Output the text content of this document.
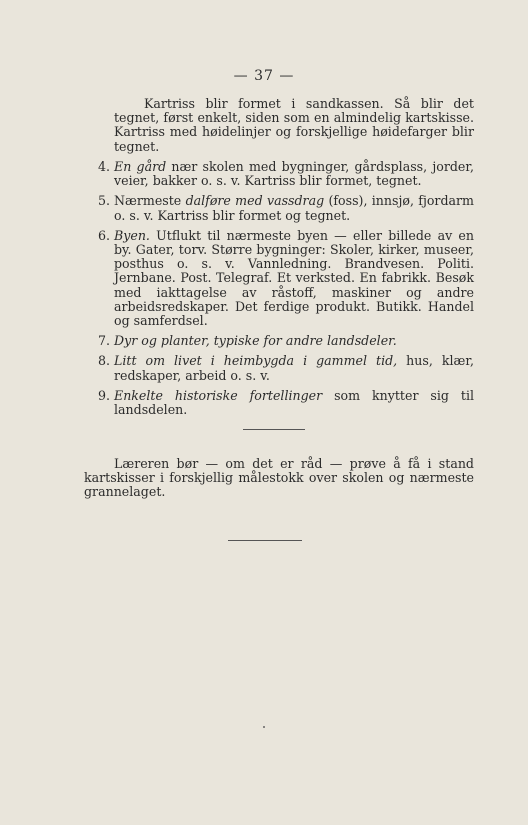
— 37 —
Kartriss blir formet i sandkassen. Så blir det tegnet, først enkelt, siden som en almindelig kartskisse. Kartriss med høidelinjer og forskjellige høidefarger blir tegnet.
4. En gård nær skolen med bygninger, gårdsplass, jorder, veier, bakker o. s. v. Kartriss blir formet, tegnet.
5. Nærmeste dalføre med vassdrag (foss), innsjø, fjordarm o. s. v. Kartriss blir formet og tegnet.
6. Byen. Utflukt til nærmeste byen — eller billede av en by. Gater, torv. Større bygninger: Skoler, kirker, museer, posthus o. s. v. Vannledning. Brandvesen. Politi. Jernbane. Post. Telegraf. Et verksted. En fabrikk. Besøk med iakttagelse av råstoff, maskiner og andre arbeidsredskaper. Det ferdige produkt. Butikk. Handel og samferdsel.
7. Dyr og planter, typiske for andre landsdeler.
8. Litt om livet i heimbygda i gammel tid, hus, klær, redskaper, arbeid o. s. v.
9. Enkelte historiske fortellinger som knytter sig til landsdelen.
Læreren bør — om det er råd — prøve å få i stand kartskisser i forskjellig målestokk over skolen og nærmeste grannelaget.
